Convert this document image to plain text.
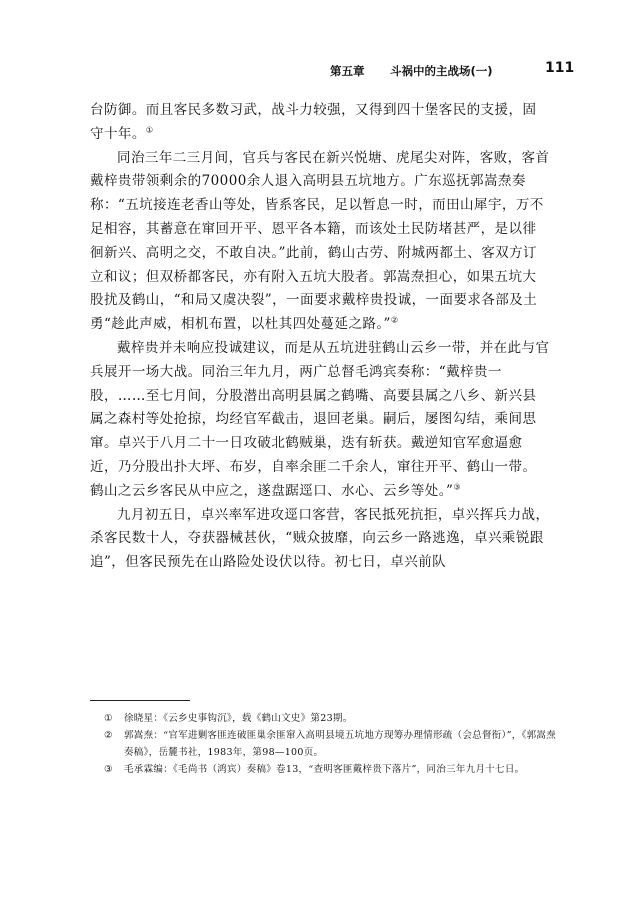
第五章 斗祸中的主战场(一)	111

台防御。而且客民多数习武，战斗力较强，又得到四十堡客民的支援，固守十年。①

同治三年二三月间，官兵与客民在新兴悦塘、虎尾尖对阵，客败，客首戴梓贵带领剩余的70000余人退入高明县五坑地方。广东巡抚郭嵩焘奏称：“五坑接连老香山等处，皆系客民，足以暂息一时，而田山犀宇，万不足相容，其蓄意在窜回开平、恩平各本籍，而该处土民防堵甚严，是以徘徊新兴、高明之交，不敢自决。”此前，鹤山古劳、附城两都土、客双方订立和议；但双桥都客民，亦有附入五坑大股者。郭嵩焘担心，如果五坑大股扰及鹤山，“和局又虞决裂”，一面要求戴梓贵投诚，一面要求各部及土勇“趁此声威，相机布置，以杜其四处蔓延之路。”②

戴梓贵并未响应投诚建议，而是从五坑进驻鹤山云乡一带，并在此与官兵展开一场大战。同治三年九月，两广总督毛鸿宾奏称：“戴梓贵一股，……至七月间，分股潜出高明县属之鹤嘴、高要县属之八乡、新兴县属之森村等处抢掠，均经官军截击，退回老巢。嗣后，屡图勾结，乘间思窜。卓兴于八月二十一日攻破北鹤贼巢，迭有斩获。戴逆知官军愈逼愈近，乃分股出扑大坪、布岁，自率余匪二千余人，窜往开平、鹤山一带。鹤山之云乡客民从中应之，遂盘踞逕口、水心、云乡等处。”③

九月初五日，卓兴率军进攻逕口客营，客民抵死抗拒，卓兴挥兵力战，杀客民数十人，夺获器械甚伙，“贼众披靡，向云乡一路逃逸，卓兴乘锐跟追”，但客民预先在山路险处设伏以待。初七日，卓兴前队

① 徐晓星：《云乡史事钩沉》，载《鹤山文史》第23期。
② 郭嵩焘：“官军进剿客匪连破匪巢余匪窜入高明县境五坑地方现筹办理情形疏（会总督衔）”，《郭嵩焘奏稿》，岳麓书社，1983年，第98—100页。
③ 毛承霖编：《毛尚书（鸿宾）奏稿》卷13，“查明客匪戴梓贵下落片”，同治三年九月十七日。
